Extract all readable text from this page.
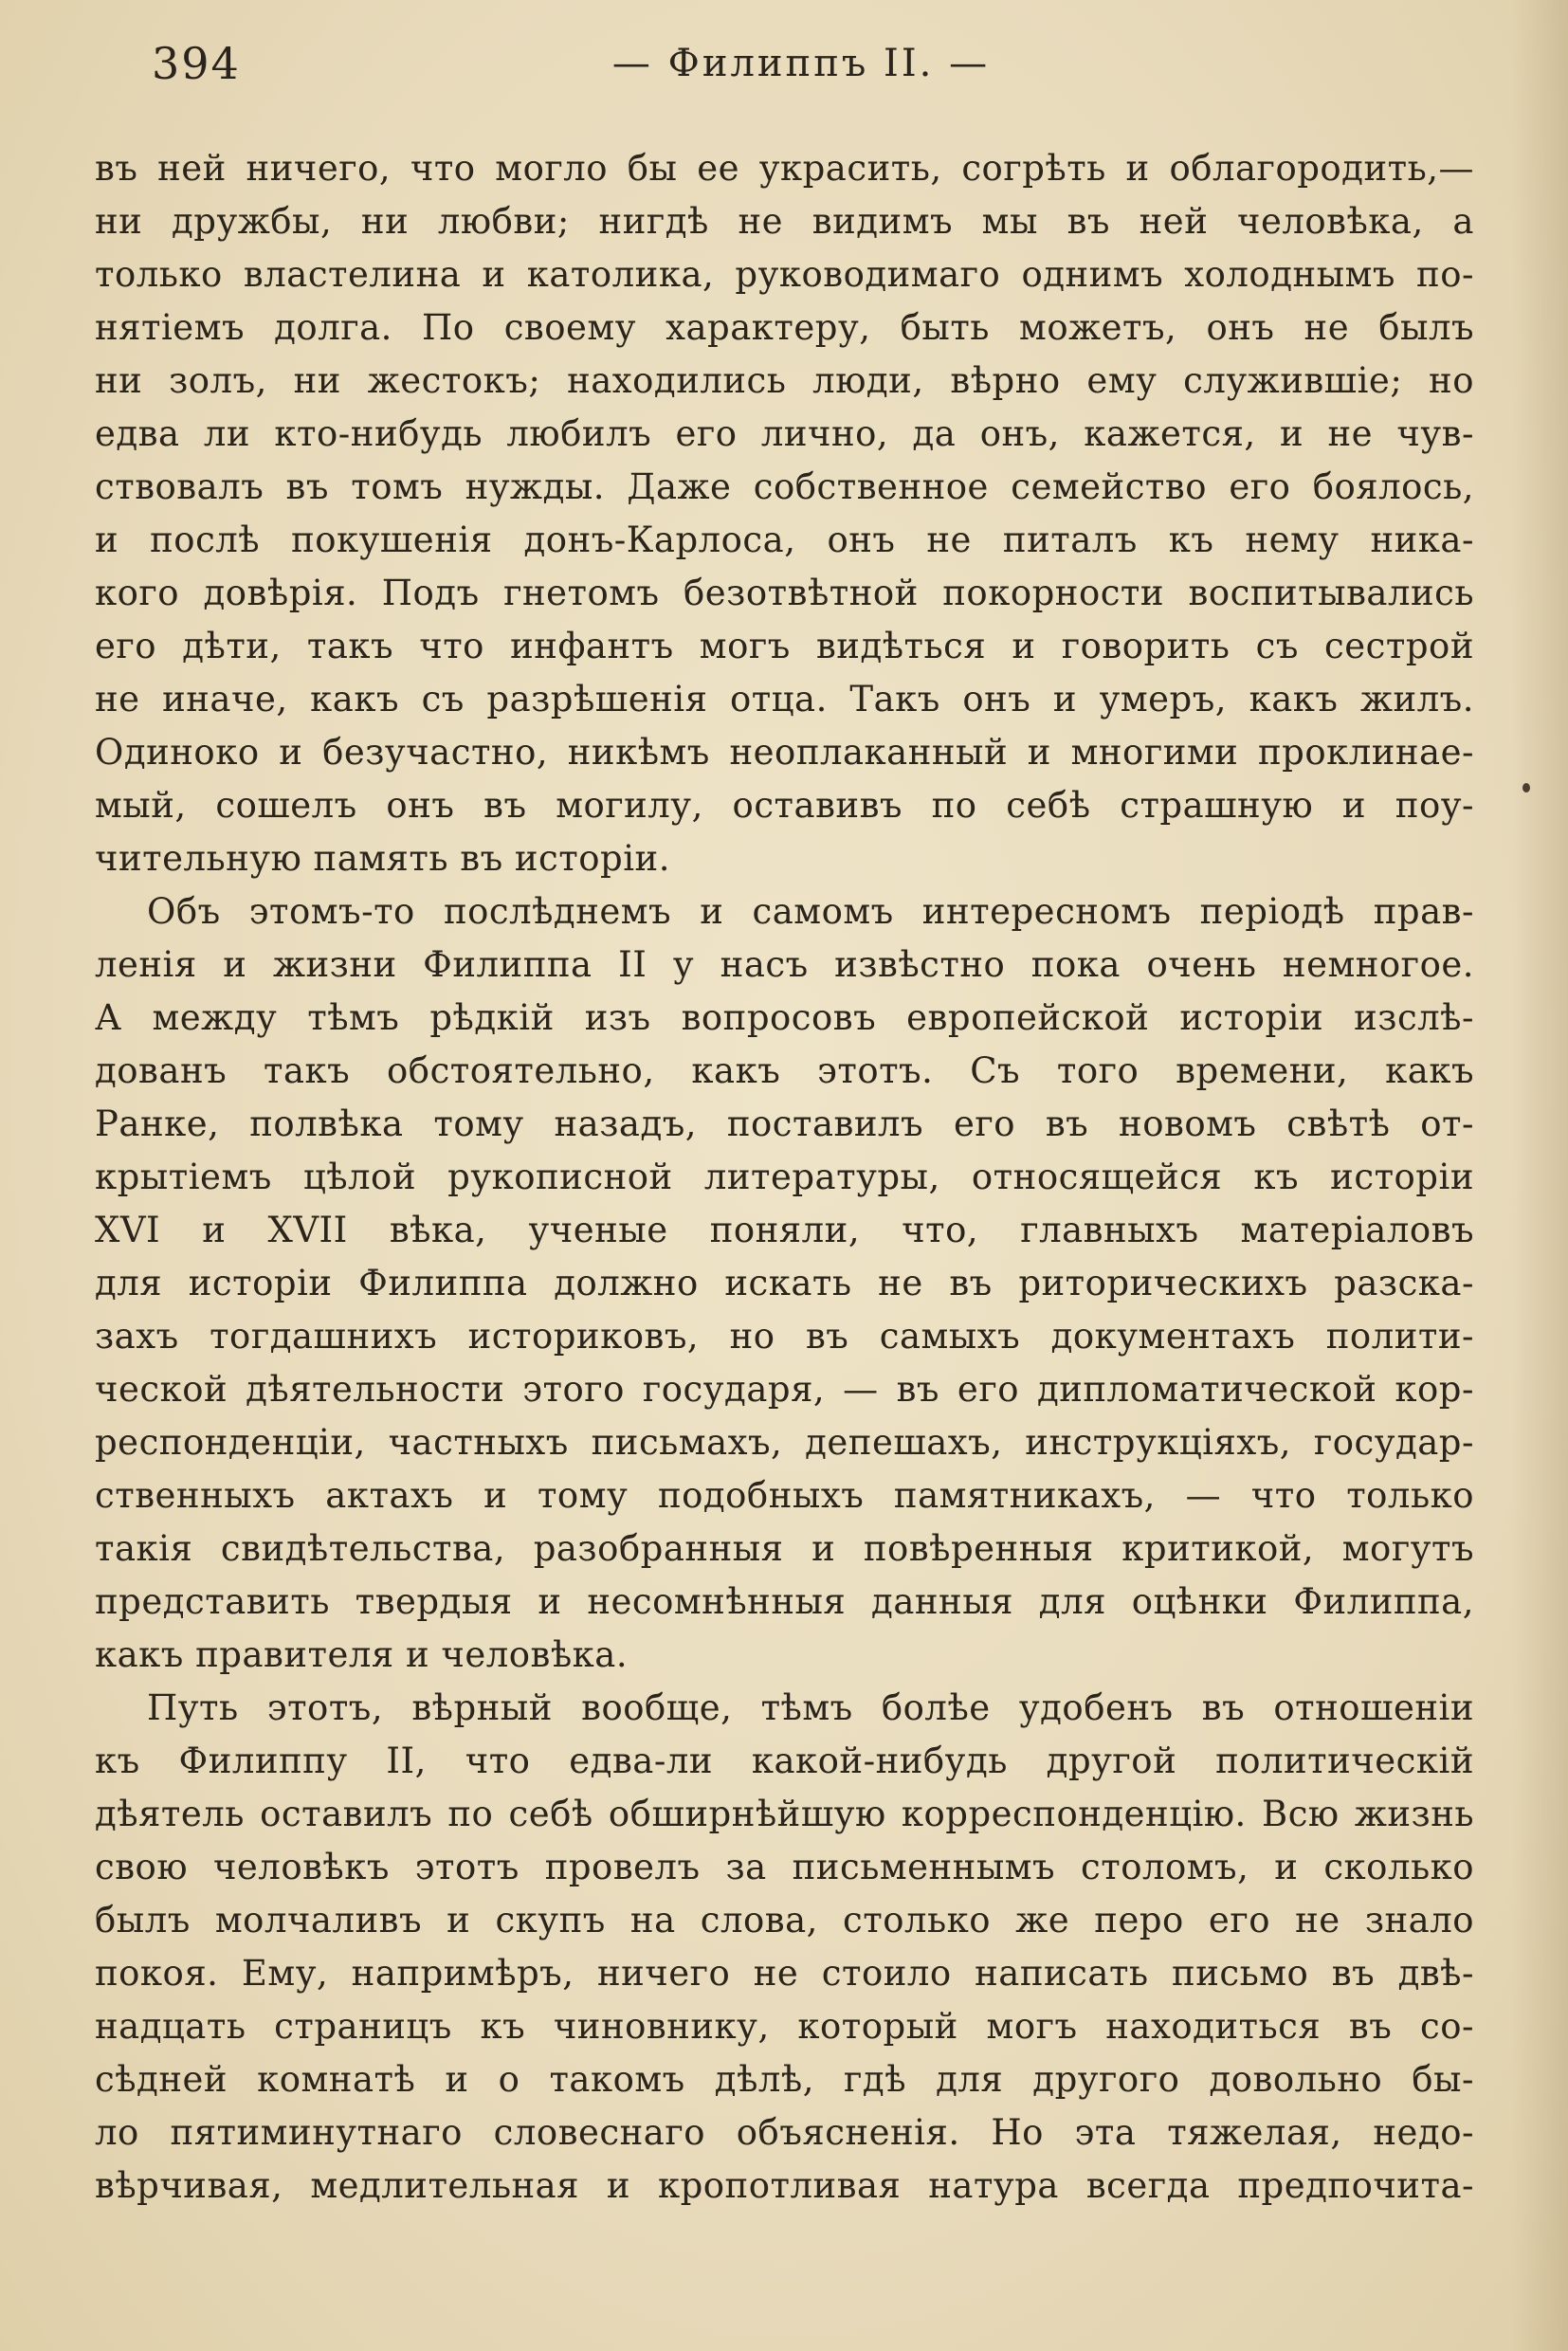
394	— Филиппъ II. —
въ ней ничего, что могло бы ее украсить, согрѣть и облагородить,—
ни дружбы, ни любви; нигдѣ не видимъ мы въ ней человѣка, а
только властелина и католика, руководимаго однимъ холоднымъ по-
нятіемъ долга. По своему характеру, быть можетъ, онъ не былъ
ни золъ, ни жестокъ; находились люди, вѣрно ему служившіе; но
едва ли кто-нибудь любилъ его лично, да онъ, кажется, и не чув-
ствовалъ въ томъ нужды. Даже собственное семейство его боялось,
и послѣ покушенія донъ-Карлоса, онъ не питалъ къ нему ника-
кого довѣрія. Подъ гнетомъ безотвѣтной покорности воспитывались
его дѣти, такъ что инфантъ могъ видѣться и говорить съ сестрой
не иначе, какъ съ разрѣшенія отца. Такъ онъ и умеръ, какъ жилъ.
Одиноко и безучастно, никѣмъ неоплаканный и многими проклинае-
мый, сошелъ онъ въ могилу, оставивъ по себѣ страшную и поу-
чительную память въ исторіи.
Объ этомъ-то послѣднемъ и самомъ интересномъ періодѣ прав-
ленія и жизни Филиппа II у насъ извѣстно пока очень немногое.
А между тѣмъ рѣдкій изъ вопросовъ европейской исторіи изслѣ-
дованъ такъ обстоятельно, какъ этотъ. Съ того времени, какъ
Ранке, полвѣка тому назадъ, поставилъ его въ новомъ свѣтѣ от-
крытіемъ цѣлой рукописной литературы, относящейся къ исторіи
XVI и XVII вѣка, ученые поняли, что, главныхъ матеріаловъ
для исторіи Филиппа должно искать не въ риторическихъ разска-
захъ тогдашнихъ историковъ, но въ самыхъ документахъ полити-
ческой дѣятельности этого государя, — въ его дипломатической кор-
респонденціи, частныхъ письмахъ, депешахъ, инструкціяхъ, государ-
ственныхъ актахъ и тому подобныхъ памятникахъ, — что только
такія свидѣтельства, разобранныя и повѣренныя критикой, могутъ
представить твердыя и несомнѣнныя данныя для оцѣнки Филиппа,
какъ правителя и человѣка.
Путь этотъ, вѣрный вообще, тѣмъ болѣе удобенъ въ отношеніи
къ Филиппу II, что едва-ли какой-нибудь другой политическій
дѣятель оставилъ по себѣ обширнѣйшую корреспонденцію. Всю жизнь
свою человѣкъ этотъ провелъ за письменнымъ столомъ, и сколько
былъ молчаливъ и скупъ на слова, столько же перо его не знало
покоя. Ему, напримѣръ, ничего не стоило написать письмо въ двѣ-
надцать страницъ къ чиновнику, который могъ находиться въ со-
сѣдней комнатѣ и о такомъ дѣлѣ, гдѣ для другого довольно бы-
ло пятиминутнаго словеснаго объясненія. Но эта тяжелая, недо-
вѣрчивая, медлительная и кропотливая натура всегда предпочита-
